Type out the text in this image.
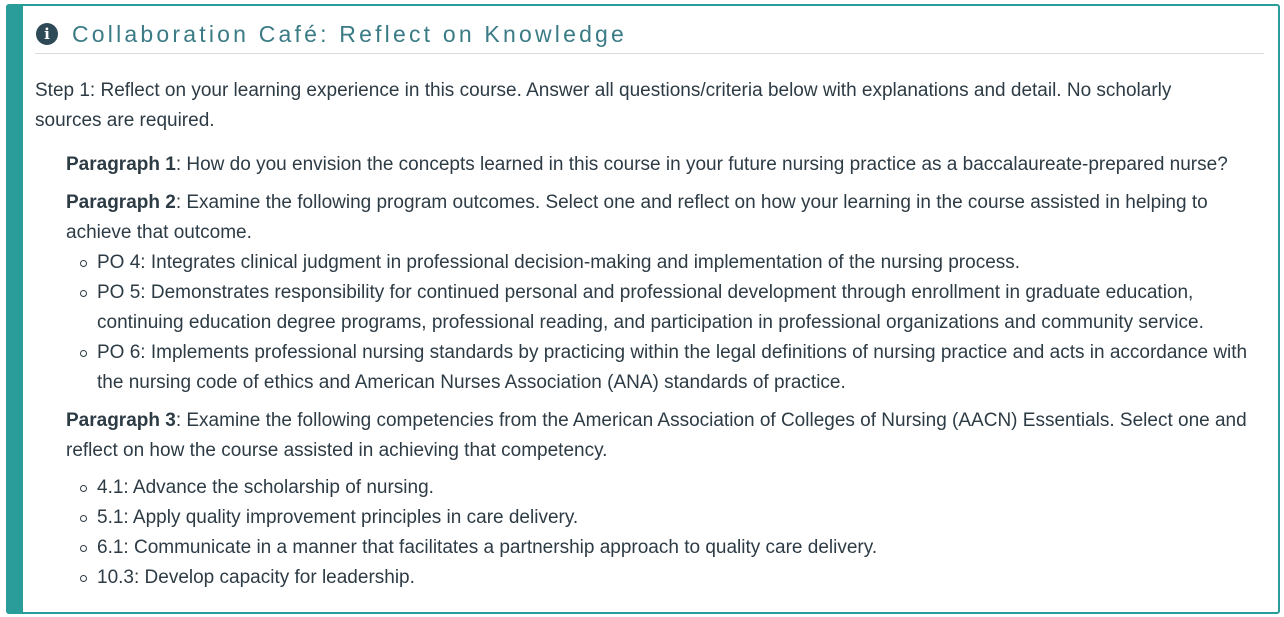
i Collaboration Café: Reflect on Knowledge

Step 1: Reflect on your learning experience in this course. Answer all questions/criteria below with explanations and detail. No scholarly sources are required.

Paragraph 1: How do you envision the concepts learned in this course in your future nursing practice as a baccalaureate-prepared nurse?

Paragraph 2: Examine the following program outcomes. Select one and reflect on how your learning in the course assisted in helping to achieve that outcome.

PO 4: Integrates clinical judgment in professional decision-making and implementation of the nursing process.
PO 5: Demonstrates responsibility for continued personal and professional development through enrollment in graduate education, continuing education degree programs, professional reading, and participation in professional organizations and community service.
PO 6: Implements professional nursing standards by practicing within the legal definitions of nursing practice and acts in accordance with the nursing code of ethics and American Nurses Association (ANA) standards of practice.

Paragraph 3: Examine the following competencies from the American Association of Colleges of Nursing (AACN) Essentials. Select one and reflect on how the course assisted in achieving that competency.

4.1: Advance the scholarship of nursing.
5.1: Apply quality improvement principles in care delivery.
6.1: Communicate in a manner that facilitates a partnership approach to quality care delivery.
10.3: Develop capacity for leadership.
